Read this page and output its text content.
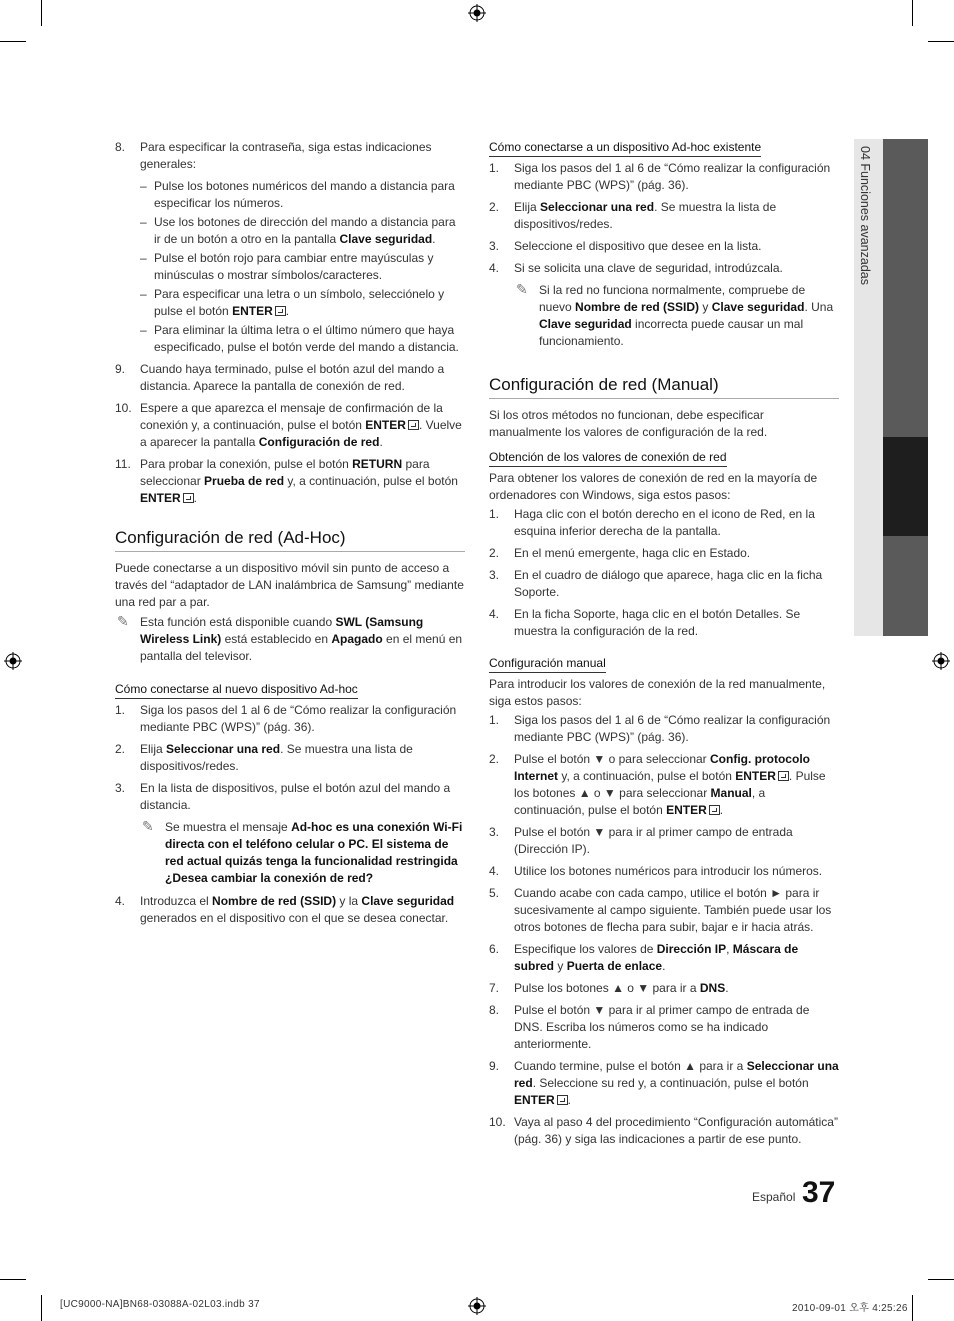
04 Funciones avanzadas
8. Para especificar la contraseña, siga estas indicaciones generales:

– Pulse los botones numéricos del mando a distancia para especificar los números.
– Use los botones de dirección del mando a distancia para ir de un botón a otro en la pantalla Clave seguridad.
– Pulse el botón rojo para cambiar entre mayúsculas y minúsculas o mostrar símbolos/caracteres.
– Para especificar una letra o un símbolo, selecciónelo y pulse el botón ENTER .
– Para eliminar la última letra o el último número que haya especificado, pulse el botón verde del mando a distancia.
9. Cuando haya terminado, pulse el botón azul del mando a distancia. Aparece la pantalla de conexión de red.

10. Espere a que aparezca el mensaje de confirmación de la conexión y, a continuación, pulse el botón ENTER . Vuelve a aparecer la pantalla Configuración de red.

11. Para probar la conexión, pulse el botón RETURN para seleccionar Prueba de red y, a continuación, pulse el botón ENTER .

Configuración de red (Ad-Hoc)

Puede conectarse a un dispositivo móvil sin punto de acceso a través del “adaptador de LAN inalámbrica de Samsung” mediante una red par a par.

✎ Esta función está disponible cuando SWL (Samsung Wireless Link) está establecido en Apagado en el menú en pantalla del televisor.

Cómo conectarse al nuevo dispositivo Ad-hoc
1. Siga los pasos del 1 al 6 de “Cómo realizar la configuración mediante PBC (WPS)” (pág. 36).

2. Elija Seleccionar una red. Se muestra una lista de dispositivos/redes.

3. En la lista de dispositivos, pulse el botón azul del mando a distancia.

✎ Se muestra el mensaje Ad-hoc es una conexión Wi-Fi directa con el teléfono celular o PC. El sistema de red actual quizás tenga la funcionalidad restringida ¿Desea cambiar la conexión de red?

4. Introduzca el Nombre de red (SSID) y la Clave seguridad generados en el dispositivo con el que se desea conectar.

Cómo conectarse a un dispositivo Ad-hoc existente
1. Siga los pasos del 1 al 6 de “Cómo realizar la configuración mediante PBC (WPS)” (pág. 36).

2. Elija Seleccionar una red. Se muestra la lista de dispositivos/redes.

3. Seleccione el dispositivo que desee en la lista.

4. Si se solicita una clave de seguridad, introdúzcala.

✎ Si la red no funciona normalmente, compruebe de nuevo Nombre de red (SSID) y Clave seguridad. Una Clave seguridad incorrecta puede causar un mal funcionamiento.

Configuración de red (Manual)

Si los otros métodos no funcionan, debe especificar manualmente los valores de configuración de la red.

Obtención de los valores de conexión de red

Para obtener los valores de conexión de red en la mayoría de ordenadores con Windows, siga estos pasos:

1. Haga clic con el botón derecho en el icono de Red, en la esquina inferior derecha de la pantalla.

2. En el menú emergente, haga clic en Estado.

3. En el cuadro de diálogo que aparece, haga clic en la ficha Soporte.

4. En la ficha Soporte, haga clic en el botón Detalles. Se muestra la configuración de la red.

Configuración manual

Para introducir los valores de conexión de la red manualmente, siga estos pasos:

1. Siga los pasos del 1 al 6 de “Cómo realizar la configuración mediante PBC (WPS)” (pág. 36).

2. Pulse el botón ▼ o para seleccionar Config. protocolo Internet y, a continuación, pulse el botón ENTER . Pulse los botones ▲ o ▼ para seleccionar Manual, a continuación, pulse el botón ENTER .

3. Pulse el botón ▼ para ir al primer campo de entrada (Dirección IP).

4. Utilice los botones numéricos para introducir los números.

5. Cuando acabe con cada campo, utilice el botón ► para ir sucesivamente al campo siguiente. También puede usar los otros botones de flecha para subir, bajar e ir hacia atrás.

6. Especifique los valores de Dirección IP, Máscara de subred y Puerta de enlace.

7. Pulse los botones ▲ o ▼ para ir a DNS.

8. Pulse el botón ▼ para ir al primer campo de entrada de DNS. Escriba los números como se ha indicado anteriormente.

9. Cuando termine, pulse el botón ▲ para ir a Seleccionar una red. Seleccione su red y, a continuación, pulse el botón ENTER .

10. Vaya al paso 4 del procedimiento “Configuración automática” (pág. 36) y siga las indicaciones a partir de ese punto.

Español 37
[UC9000-NA]BN68-03088A-02L03.indb 37	2010-09-01 오후 4:25:26
